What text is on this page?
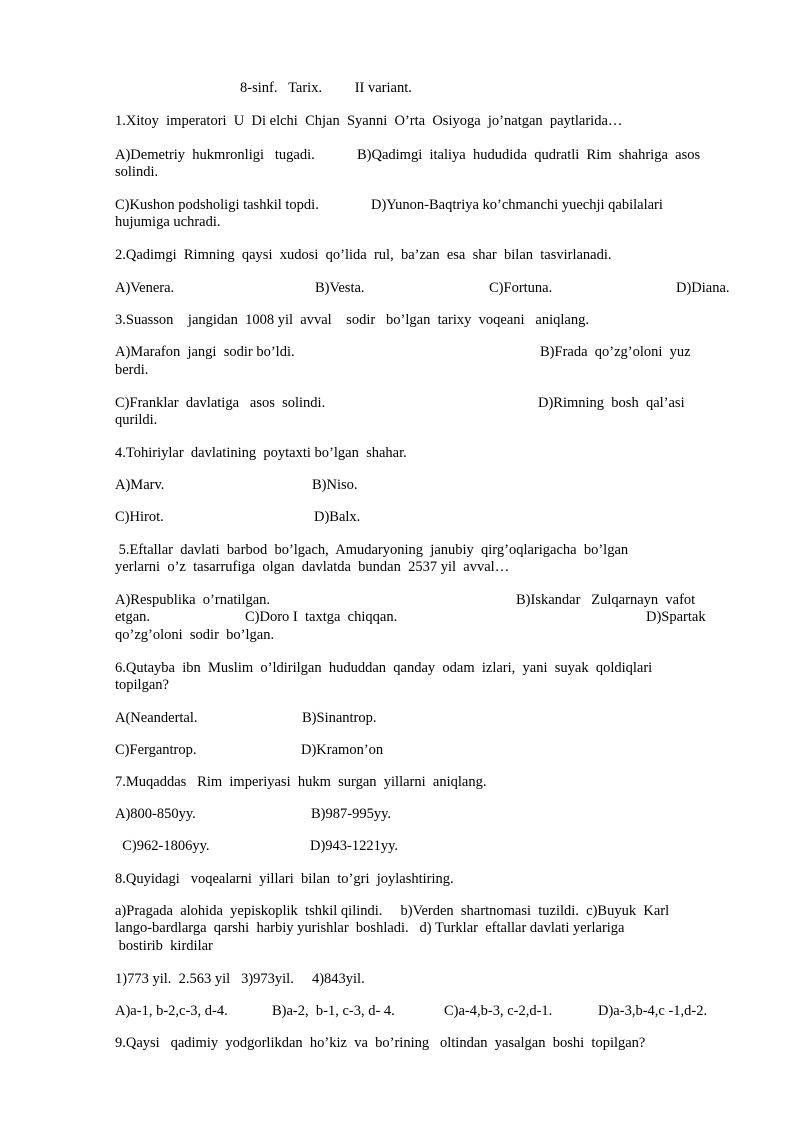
8-sinf.   Tarix.         II variant.
1.Xitoy  imperatori  U  Di elchi  Chjan  Syanni  O’rta  Osiyoga  jo’natgan  paytlarida…
A)Demetriy  hukmronligi   tugadi.	B)Qadimgi  italiya  hududida  qudratli  Rim  shahriga  asos
solindi.
C)Kushon podsholigi tashkil topdi.	D)Yunon-Baqtriya ko’chmanchi yuechji qabilalari
hujumiga uchradi.
2.Qadimgi  Rimning  qaysi  xudosi  qo’lida  rul,  ba’zan  esa  shar  bilan  tasvirlanadi.
A)Venera.	B)Vesta.	C)Fortuna.	D)Diana.
3.Suasson    jangidan  1008 yil  avval    sodir   bo’lgan  tarixy  voqeani   aniqlang.
A)Marafon  jangi  sodir bo’ldi.	B)Frada  qo’zg’oloni  yuz
berdi.
C)Franklar  davlatiga   asos  solindi.	D)Rimning  bosh  qal’asi
qurildi.
4.Tohiriylar  davlatining  poytaxti bo’lgan  shahar.
A)Marv.	B)Niso.
C)Hirot.	D)Balx.
5.Eftallar  davlati  barbod  bo’lgach,  Amudaryoning  janubiy  qirg’oqlarigacha  bo’lgan
yerlarni  o’z  tasarrufiga  olgan  davlatda  bundan  2537 yil  avval…
A)Respublika  o’rnatilgan.	B)Iskandar   Zulqarnayn  vafot
etgan.	C)Doro I  taxtga  chiqqan.	D)Spartak
qo’zg’oloni  sodir  bo’lgan.
6.Qutayba  ibn  Muslim  o’ldirilgan  hududdan  qanday  odam  izlari,  yani  suyak  qoldiqlari
topilgan?
A(Neandertal.	B)Sinantrop.
C)Fergantrop.	D)Kramon’on
7.Muqaddas   Rim  imperiyasi  hukm  surgan  yillarni  aniqlang.
A)800-850yy.	B)987-995yy.
C)962-1806yy.	D)943-1221yy.
8.Quyidagi   voqealarni  yillari  bilan  to’gri  joylashtiring.
a)Pragada  alohida  yepiskoplik  tshkil qilindi.     b)Verden  shartnomasi  tuzildi.  c)Buyuk  Karl
lango-bardlarga  qarshi  harbiy yurishlar  boshladi.   d) Turklar  eftallar davlati yerlariga
bostirib  kirdilar
1)773 yil.  2.563 yil   3)973yil.     4)843yil.
A)a-1, b-2,c-3, d-4.	B)a-2,  b-1, c-3, d- 4.	C)a-4,b-3, c-2,d-1.	D)a-3,b-4,c -1,d-2.
9.Qaysi   qadimiy  yodgorlikdan  ho’kiz  va  bo’rining   oltindan  yasalgan  boshi  topilgan?
